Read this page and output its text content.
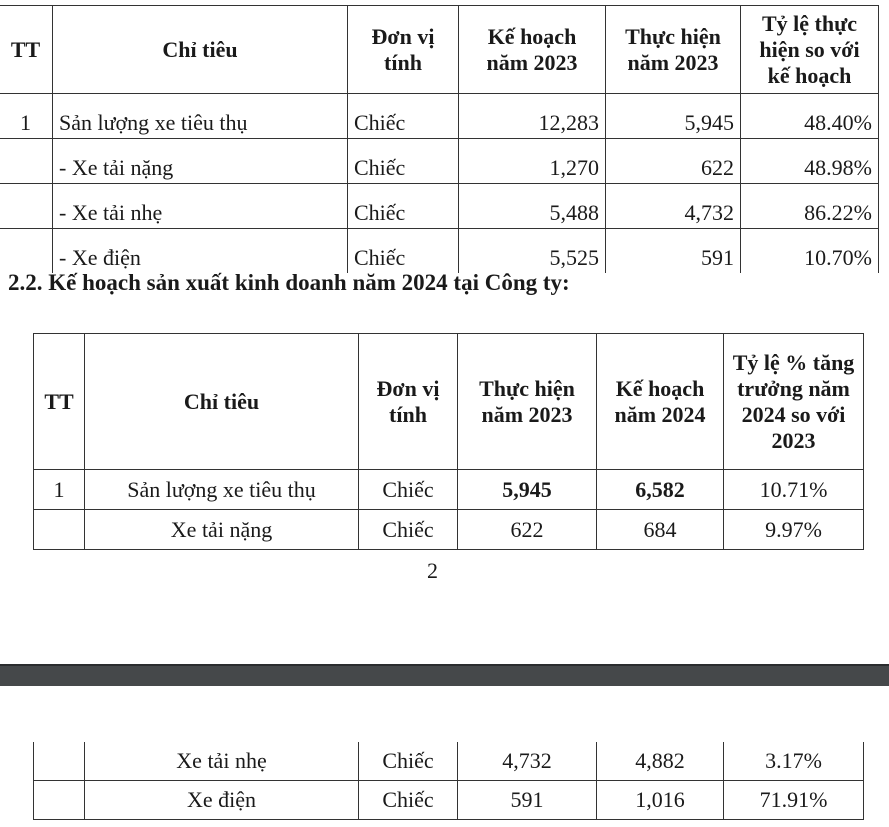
TT	Chỉ tiêu	Đơn vị tính	Kế hoạch năm 2023	Thực hiện năm 2023	Tỷ lệ thực hiện so với kế hoạch
1	Sản lượng xe tiêu thụ	Chiếc	12,283	5,945	48.40%
	- Xe tải nặng	Chiếc	1,270	622	48.98%
	- Xe tải nhẹ	Chiếc	5,488	4,732	86.22%
	- Xe điện	Chiếc	5,525	591	10.70%
2.2. Kế hoạch sản xuất kinh doanh năm 2024 tại Công ty:
TT	Chỉ tiêu	Đơn vị tính	Thực hiện năm 2023	Kế hoạch năm 2024	Tỷ lệ % tăng trưởng năm 2024 so với 2023
1	Sản lượng xe tiêu thụ	Chiếc	5,945	6,582	10.71%
	Xe tải nặng	Chiếc	622	684	9.97%
2
	Xe tải nhẹ	Chiếc	4,732	4,882	3.17%
	Xe điện	Chiếc	591	1,016	71.91%
